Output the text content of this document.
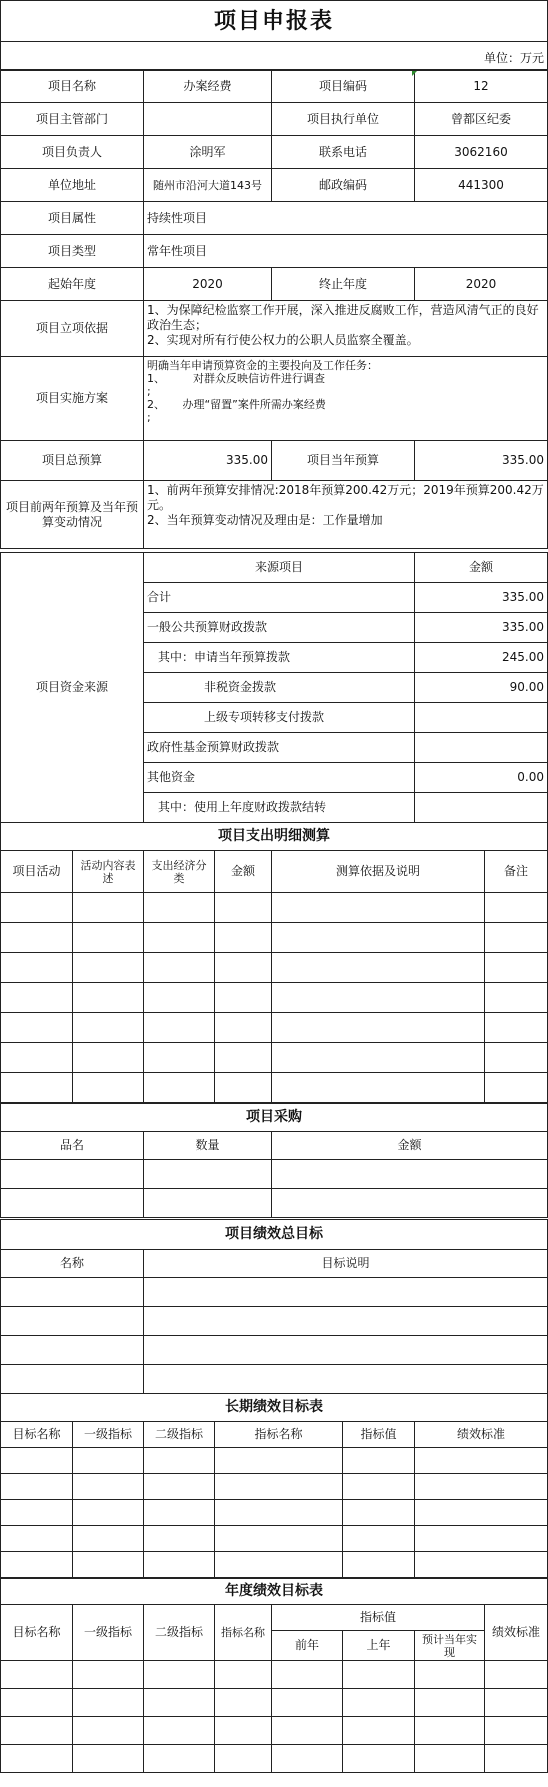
项目申报表
单位：万元
项目名称	办案经费	项目编码	12
项目主管部门		项目执行单位	曾都区纪委
项目负责人	涂明军	联系电话	3062160
单位地址	随州市沿河大道143号	邮政编码	441300
项目属性	持续性项目		
项目类型	常年性项目		
起始年度	2020	终止年度	2020
项目立项依据	1、为保障纪检监察工作开展，深入推进反腐败工作，营造风清气正的良好政治生态；
2、实现对所有行使公权力的公职人员监察全覆盖。		
项目实施方案	明确当年申请预算资金的主要投向及工作任务：
1、        对群众反映信访件进行调查
;
2、     办理“留置”案件所需办案经费
;		
项目总预算	335.00	项目当年预算	335.00
项目前两年预算及当年预算变动情况	1、前两年预算安排情况:2018年预算200.42万元；2019年预算200.42万元。
2、当年预算变动情况及理由是：工作量增加		
项目资金来源	来源项目	金额
	合计	335.00
	一般公共预算财政拨款	335.00
	其中：申请当年预算拨款	245.00
	非税资金拨款	90.00
	上级专项转移支付拨款	
	政府性基金预算财政拨款	
	其他资金	0.00
	其中：使用上年度财政拨款结转	
项目支出明细测算					
项目活动	活动内容表述	支出经济分类	金额	测算依据及说明	备注

项目采购		
品名	数量	金额

项目绩效总目标	
名称	目标说明

长期绩效目标表					
目标名称	一级指标	二级指标	指标名称	指标值	绩效标准

年度绩效目标表							
目标名称	一级指标	二级指标	指标名称	指标值			绩效标准
				前年	上年	预计当年实现	
